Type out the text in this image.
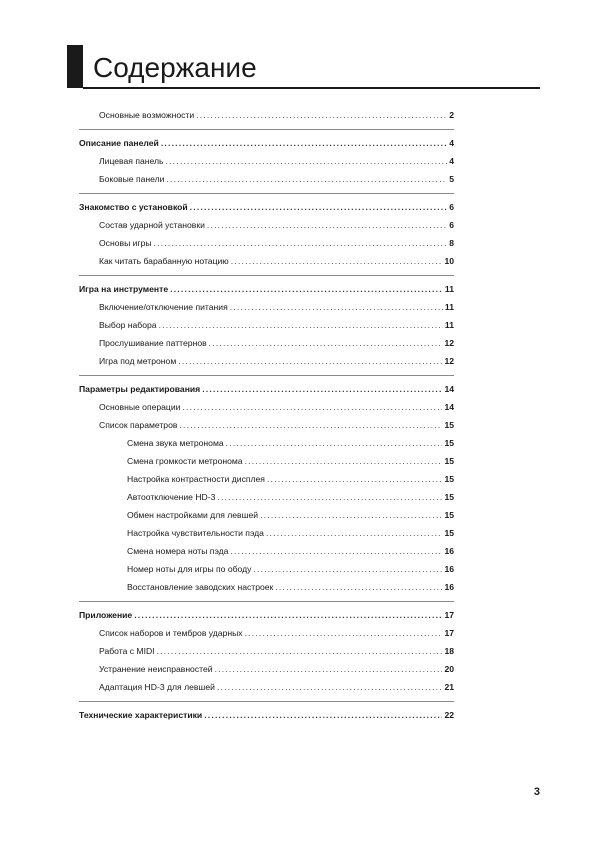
Содержание
Основные возможности .....	2
Описание панелей .....	4
Лицевая панель .....	4
Боковые панели .....	5
Знакомство с установкой .....	6
Состав ударной установки .....	6
Основы игры .....	8
Как читать барабанную нотацию .....	10
Игра на инструменте .....	11
Включение/отключение питания .....	11
Выбор набора .....	11
Прослушивание паттернов .....	12
Игра под метроном .....	12
Параметры редактирования .....	14
Основные операции .....	14
Список параметров .....	15
Смена звука метронома .....	15
Смена громкости метронома .....	15
Настройка контрастности дисплея .....	15
Автоотключение HD-3 .....	15
Обмен настройками для левшей .....	15
Настройка чувствительности пэда .....	15
Смена номера ноты пэда .....	16
Номер ноты для игры по ободу .....	16
Восстановление заводских настроек .....	16
Приложение .....	17
Список наборов и тембров ударных .....	17
Работа с MIDI .....	18
Устранение неисправностей .....	20
Адаптация HD-3 для левшей .....	21
Технические характеристики .....	22
3
